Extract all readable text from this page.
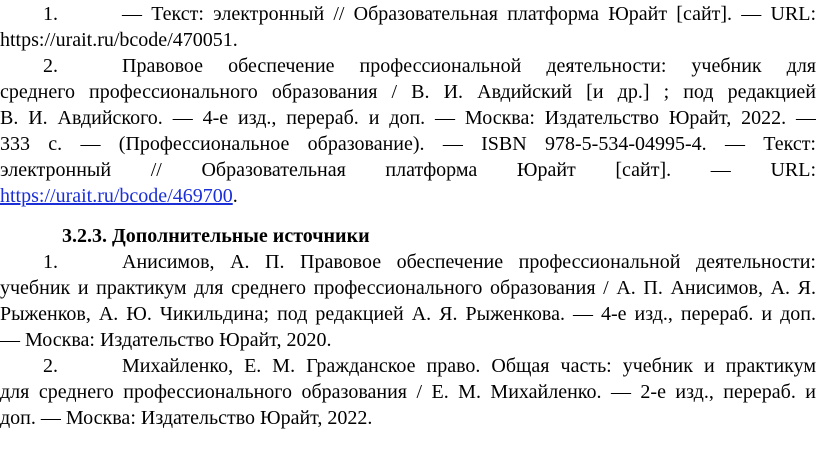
1.	— Текст: электронный // Образовательная платформа Юрайт [сайт]. — URL:
https://urait.ru/bcode/470051.
2.	Правовое обеспечение профессиональной деятельности: учебник для
среднего профессионального образования / В. И. Авдийский [и др.] ; под редакцией
В. И. Авдийского. — 4-е изд., перераб. и доп. — Москва: Издательство Юрайт, 2022. —
333 с. — (Профессиональное образование). — ISBN 978-5-534-04995-4. — Текст:
электронный // Образовательная платформа Юрайт [сайт]. — URL:
https://urait.ru/bcode/469700.
3.2.3. Дополнительные источники
1.	Анисимов, А. П. Правовое обеспечение профессиональной деятельности:
учебник и практикум для среднего профессионального образования / А. П. Анисимов, А. Я.
Рыженков, А. Ю. Чикильдина; под редакцией А. Я. Рыженкова. — 4-е изд., перераб. и доп.
— Москва: Издательство Юрайт, 2020.
2.	Михайленко, Е. М. Гражданское право. Общая часть: учебник и практикум
для среднего профессионального образования / Е. М. Михайленко. — 2-е изд., перераб. и
доп. — Москва: Издательство Юрайт, 2022.
